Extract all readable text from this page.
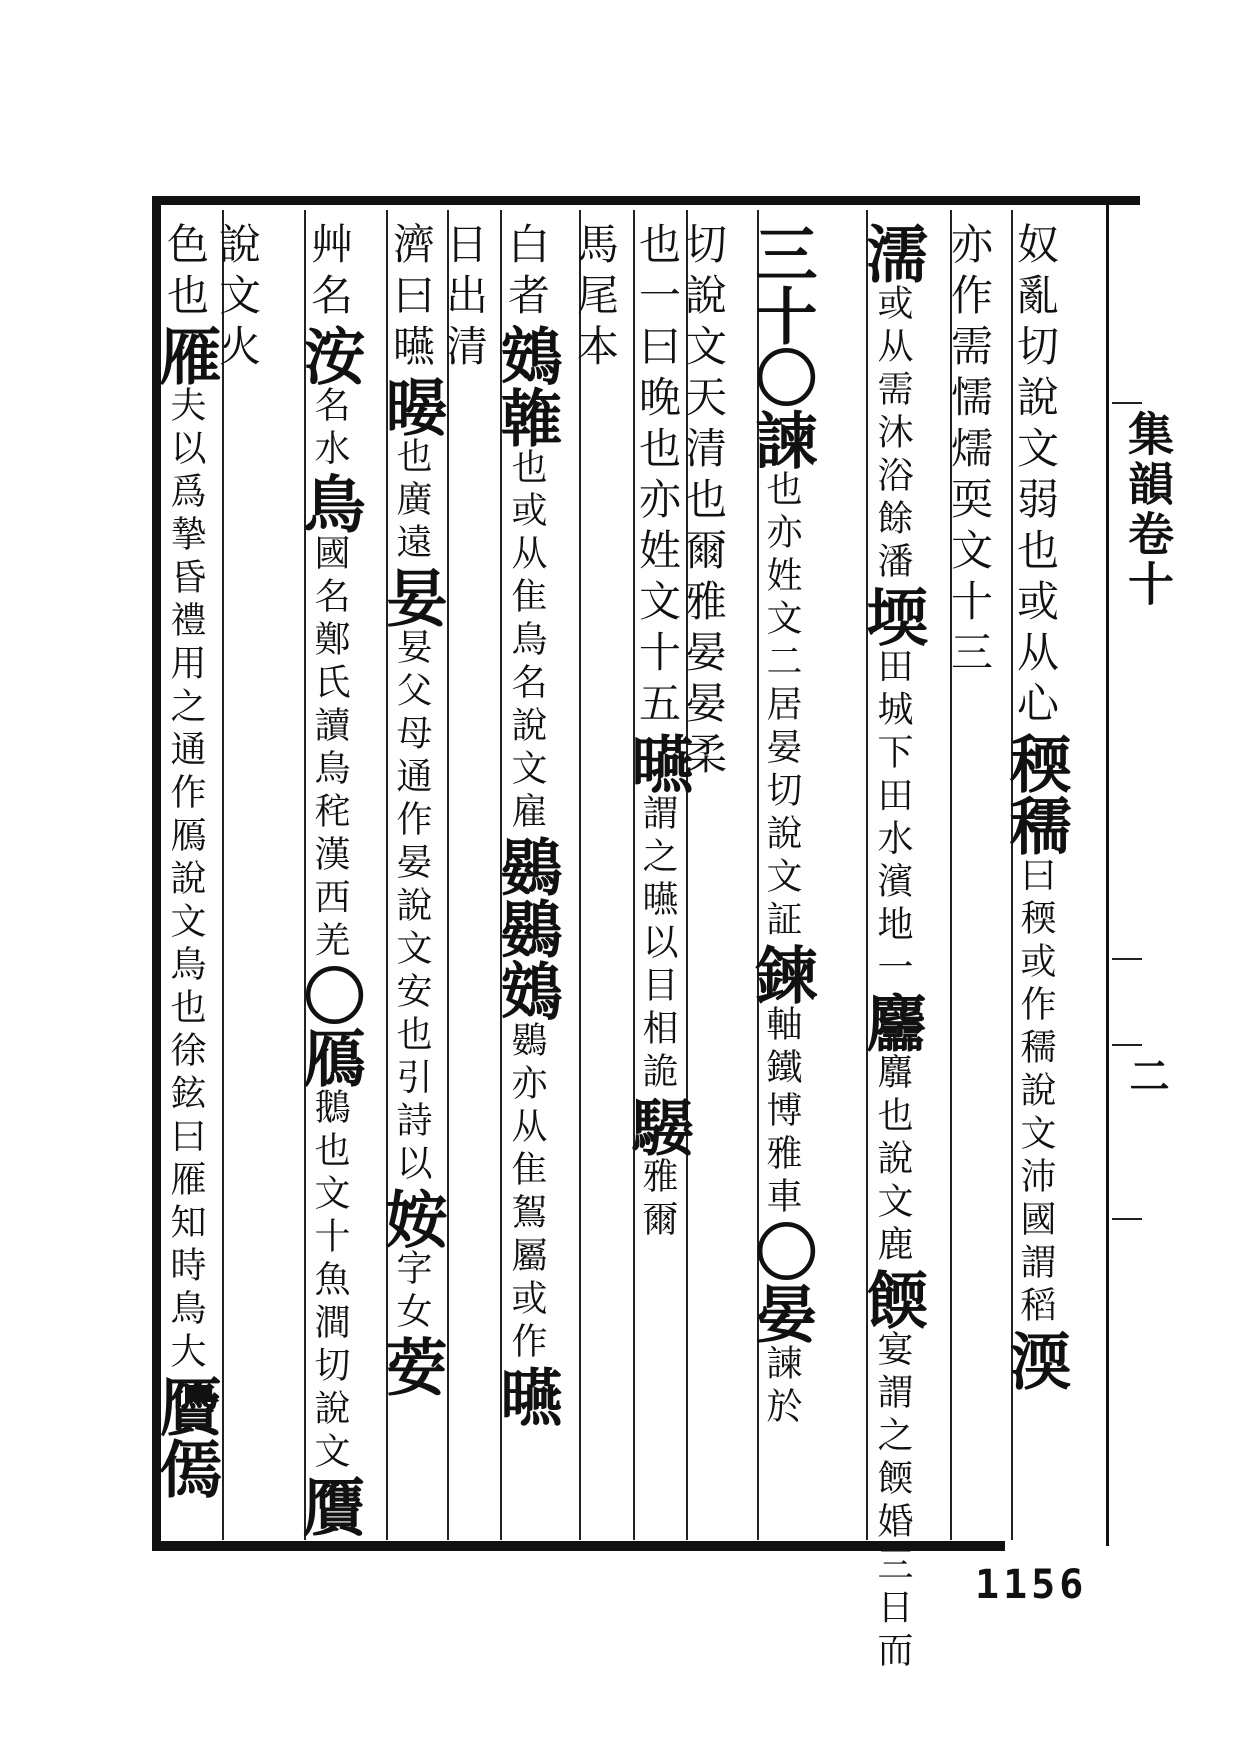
集韻卷十
二
奴亂切說文弱也或从心稬穤
說文沛國謂稻
曰稬或作穤
渜
亦作需懦燸耎文十三
濡
沐浴餘潘
或从需
堧
水濱地一
田城下田
麢
說文鹿
麛也
餪
婚三日而
宴謂之餪
三十〇諫
居晏切說文証
也亦姓文二
鍊
博雅車
軸鐵
〇晏
於
諫
切說文天清也爾雅晏晏柔
也一曰晚也亦姓文十五曣
以目相詭
謂之曣
騴
爾
雅
馬尾本
白者鴳雗
鳥名說文雇
也或从隹
鷃鷃鴳
鴽屬或作
鷃亦从隹
曣
日出清
濟曰曣暥
廣遠
也
妟
說文安也引詩以
妟父母通作晏
姲
女
字
荌
艸名洝
水
名
鳥
鳥秺漢西羌
國名鄭氏讀
〇鴈
魚澗切說文
鵝也文十
贋
說文火
色也雁
說文鳥也徐鉉曰雁知時鳥大
夫以爲摯昏禮用之通作鴈
贗傿
1156
